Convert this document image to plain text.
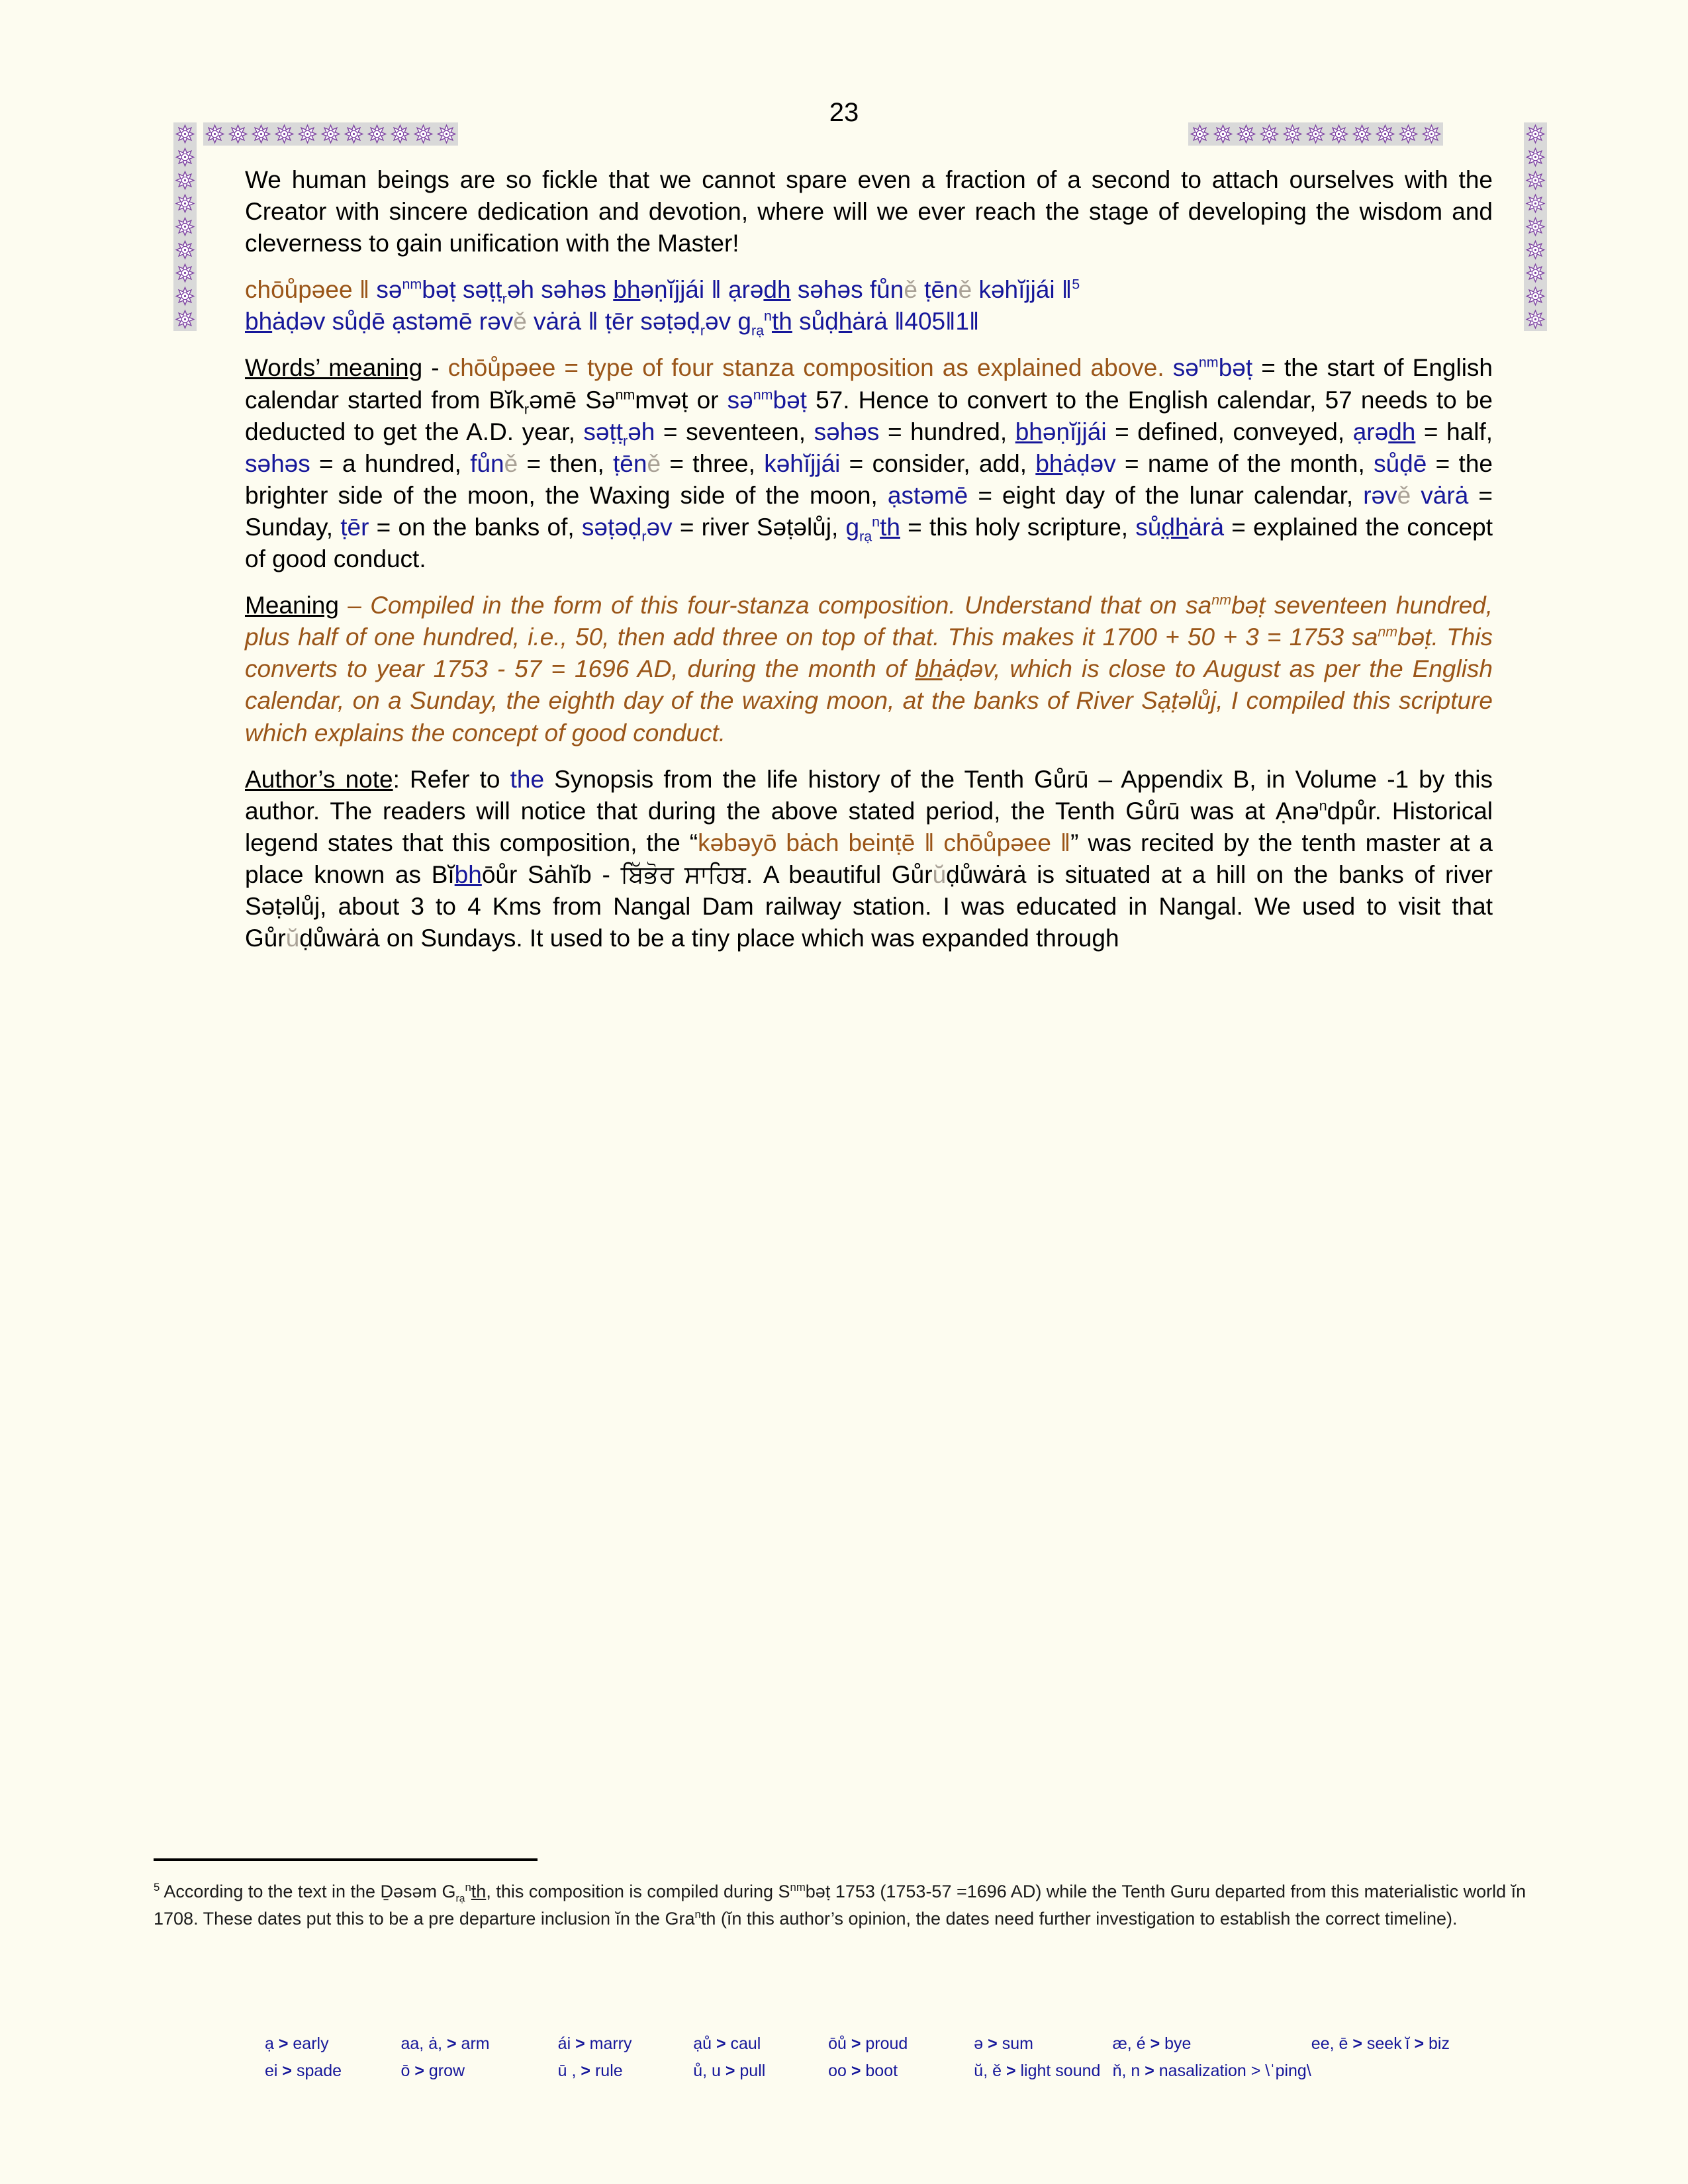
23

We human beings are so fickle that we cannot spare even a fraction of a second to attach ourselves with the Creator with sincere dedication and devotion, where will we ever reach the stage of developing the wisdom and cleverness to gain unification with the Master!

chōůpəee ǁ sə$^{nm}$bəṭ səṭṭ$_r$əh səhəs bhəṇĭjjái ǁ ạrədh səhəs fůně ṭēně kəhĭjjái $ǁ^5$
bhȧḍəv sůḍē ạstəmē rəvě vȧrȧ ǁ ṭēr səṭəḍ$_r$əv $g_{rạ}^nth$ sůḍhȧrȧ ǁ405ǁ1ǁ

Words’ meaning - chōůpəee = type of four stanza composition as explained above. sə$^{nm}$bəṭ = the start of English calendar started from Bĭk$_r$əmē Sə$^{nm}$mvəṭ or sə$^{nm}$bəṭ 57. Hence to convert to the English calendar, 57 needs to be deducted to get the A.D. year, səṭṭ$_r$əh = seventeen, səhəs = hundred, bhəṇĭjjái = defined, conveyed, ạrədh = half, səhəs = a hundred, fůně = then, ṭēně = three, kəhĭjjái = consider, add, bhȧḍəv = name of the month, sůḍē = the brighter side of the moon, the Waxing side of the moon, ạstəmē = eight day of the lunar calendar, rəvě vȧrȧ = Sunday, ṭēr = on the banks of, səṭəḍ$_r$əv = river Səṭəlůj, $g_{rạ}^nth$ = this holy scripture, sůḍhȧrȧ = explained the concept of good conduct.

Meaning – Compiled in the form of this four-stanza composition. Understand that on $sa^{nm}bəṭ$ seventeen hundred, plus half of one hundred, i.e., 50, then add three on top of that. This makes it 1700 + 50 + 3 = 1753 $sa^{nm}bəṭ$. This converts to year 1753 - 57 = 1696 AD, during the month of bhȧḍəv, which is close to August as per the English calendar, on a Sunday, the eighth day of the waxing moon, at the banks of River Sạṭəlůj, I compiled this scripture which explains the concept of good conduct.

Author’s note: Refer to the Synopsis from the life history of the Tenth Gůrū – Appendix B, in Volume -1 by this author. The readers will notice that during the above stated period, the Tenth Gůrū was at Ạnə$^n$dpůr. Historical legend states that this composition, the “kəbəyō bȧch beinṭē ǁ chōůpəee ǁ” was recited by the tenth master at a place known as Bĭbhōůr Sȧhĭb - ਬਿੱਭੋਰ ਸਾਹਿਬ. A beautiful Gůrŭḍůwȧrȧ is situated at a hill on the banks of river Səṭəlůj, about 3 to 4 Kms from Nangal Dam railway station. I was educated in Nangal. We used to visit that Gůrŭḍůwȧrȧ on Sundays. It used to be a tiny place which was expanded through

$^5$ According to the text in the Ḏəsəm $G_{rạ}^nth$, this composition is compiled during $S^{nm}bəṭ$ 1753 (1753-57 =1696 AD) while the Tenth Guru departed from this materialistic world ĭn 1708. These dates put this to be a pre departure inclusion ĭn the Gra$^n$th (ĭn this author’s opinion, the dates need further investigation to establish the correct timeline).
ạ > early	aa, ȧ, > arm	ái > marry	ạů > caul	ōů > proud	ə > sum	æ, é > bye	ee, ē > seek	ĭ > biz
ei > spade	ō > grow	ū , > rule	ů, u > pull	oo > boot	ŭ, ě > light sound	ň, n > nasalization > \ˈping\		
